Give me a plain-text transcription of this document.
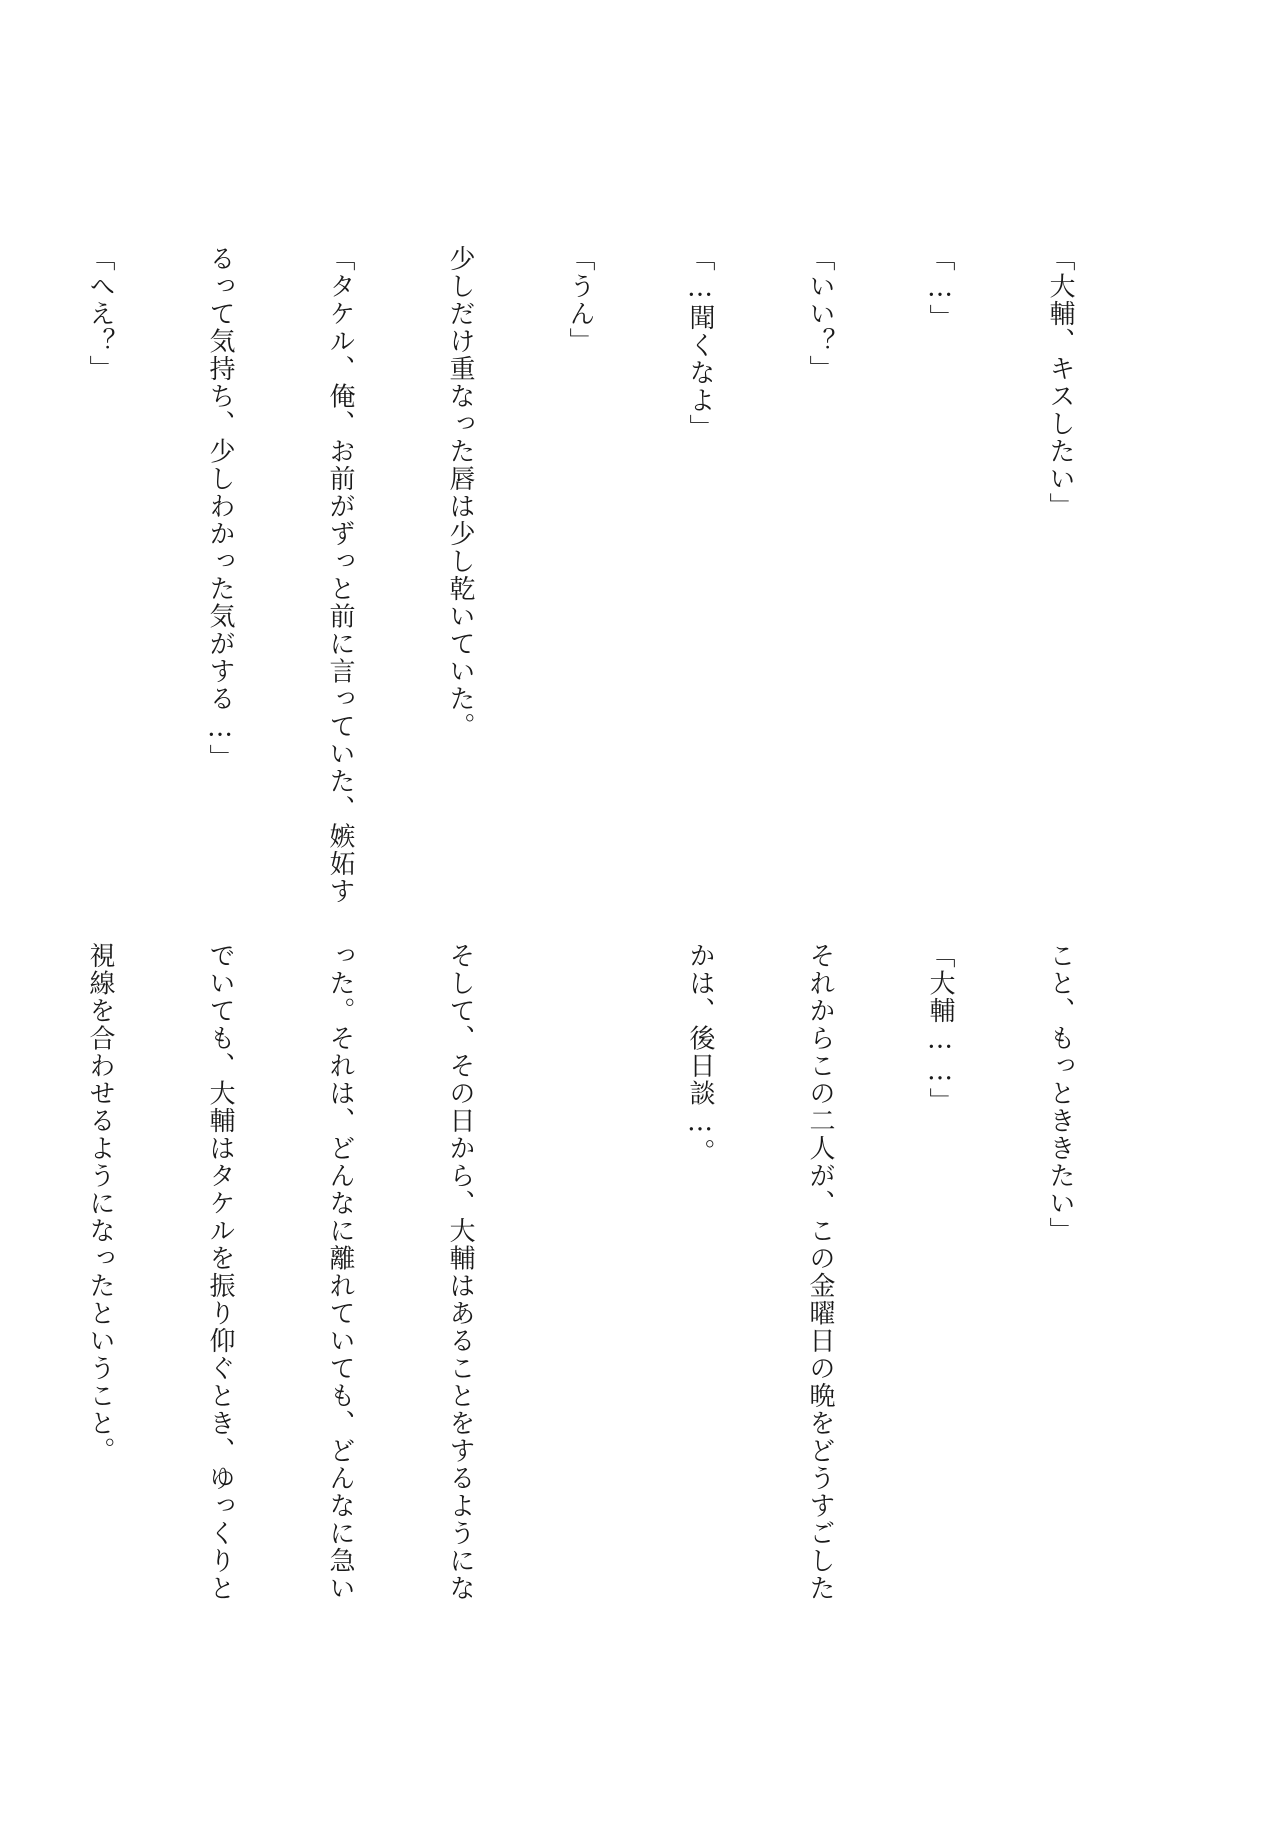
「大輔、キスしたい」

「…」

「いい？」

「…聞くなよ」

「うん」

少しだけ重なった唇は少し乾いていた。

「タケル、俺、お前がずっと前に言っていた、嫉妬す

るって気持ち、少しわかった気がする…」

「へえ？」

こと、もっとききたい」

「大輔……」

それからこの二人が、この金曜日の晩をどうすごした

かは、後日談…。

そして、その日から、大輔はあることをするようにな

った。それは、どんなに離れていても、どんなに急い

でいても、大輔はタケルを振り仰ぐとき、ゆっくりと

視線を合わせるようになったということ。
